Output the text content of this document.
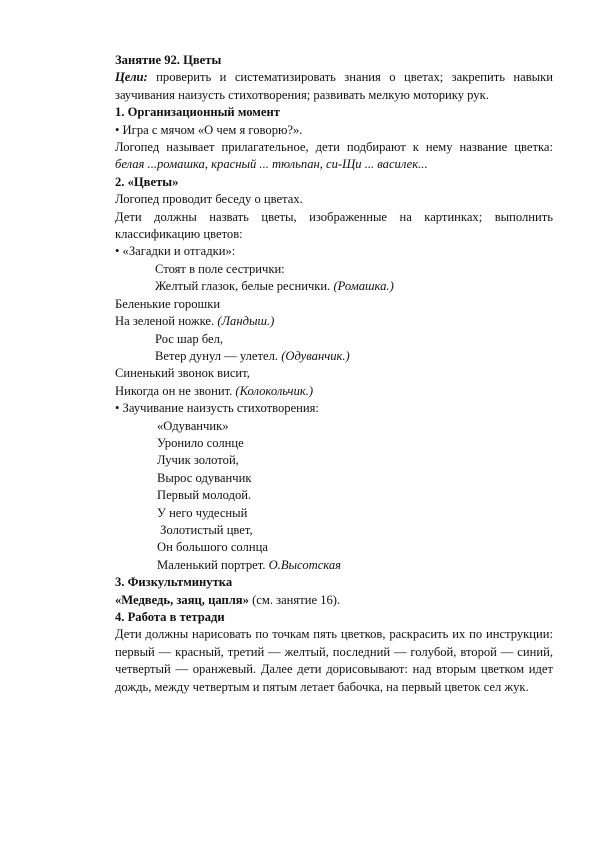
Занятие 92. Цветы

Цели: проверить и систематизировать знания о цветах; закрепить навыки заучивания наизусть стихотворения; развивать мелкую моторику рук.

1. Организационный момент

• Игра с мячом «О чем я говорю?».

Логопед называет прилагательное, дети подбирают к нему название цветка: белая ...ромашка, красный ... тюльпан, си-Щи ... василек...

2. «Цветы»

Логопед проводит беседу о цветах.

Дети должны назвать цветы, изображенные на картинках; выполнить классификацию цветов:

• «Загадки и отгадки»:

Стоят в поле сестрички:

Желтый глазок, белые реснички. (Ромашка.)

Беленькие горошки

На зеленой ножке. (Ландыш.)

Рос шар бел,

Ветер дунул — улетел. (Одуванчик.)

Синенький звонок висит,

Никогда он не звонит. (Колокольчик.)

• Заучивание наизусть стихотворения:

«Одуванчик»

Уронило солнце

Лучик золотой,

Вырос одуванчик

Первый молодой.

У него чудесный

Золотистый цвет,

Он большого солнца

Маленький портрет. О.Высотская

3. Физкультминутка

«Медведь, заяц, цапля» (см. занятие 16).

4. Работа в тетради

Дети должны нарисовать по точкам пять цветков, раскрасить их по инструкции: первый — красный, третий — желтый, последний — голубой, второй — синий, четвертый — оранжевый. Далее дети дорисовывают: над вторым цветком идет дождь, между четвертым и пятым летает бабочка, на первый цветок сел жук.
